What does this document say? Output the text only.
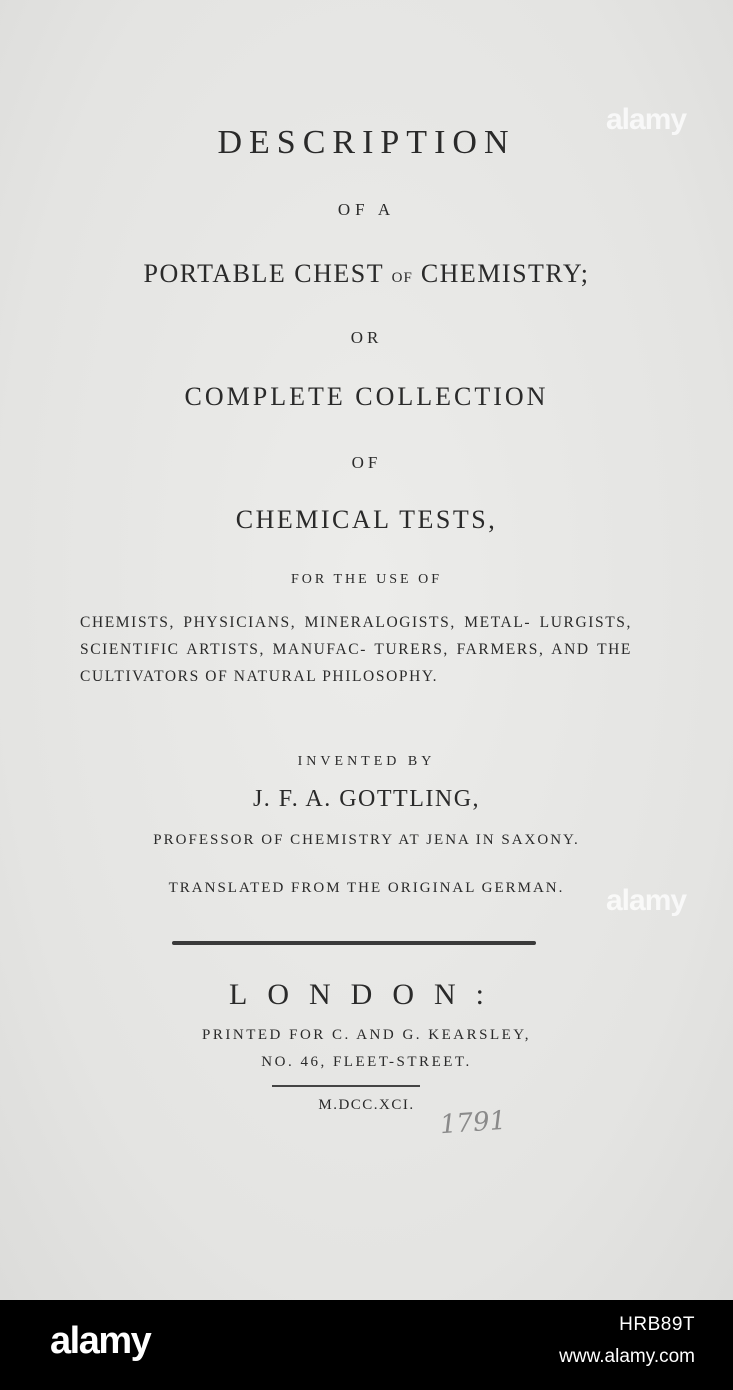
DESCRIPTION
OF A
PORTABLE CHEST OF CHEMISTRY;
OR
COMPLETE COLLECTION
OF
CHEMICAL TESTS,
FOR THE USE OF
CHEMISTS, PHYSICIANS, MINERALOGISTS, METAL- LURGISTS, SCIENTIFIC ARTISTS, MANUFAC- TURERS, FARMERS, AND THE CULTIVATORS OF NATURAL PHILOSOPHY.
INVENTED BY
J. F. A. GOTTLING,
PROFESSOR OF CHEMISTRY AT JENA IN SAXONY.
TRANSLATED FROM THE ORIGINAL GERMAN.
LONDON:
PRINTED FOR C. AND G. KEARSLEY,
NO. 46, FLEET-STREET.
M.DCC.XCI.
1791
alamy
alamy
alamy	HRB89T
www.alamy.com
